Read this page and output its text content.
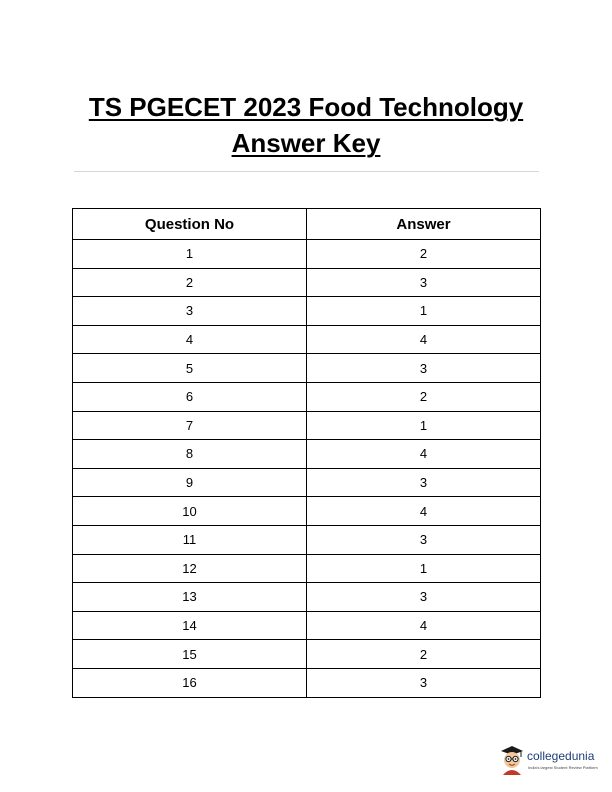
TS PGECET 2023 Food Technology
Answer Key
Question No	Answer
1	2
2	3
3	1
4	4
5	3
6	2
7	1
8	4
9	3
10	4
11	3
12	1
13	3
14	4
15	2
16	3
collegedunia
India's largest Student Review Platform
